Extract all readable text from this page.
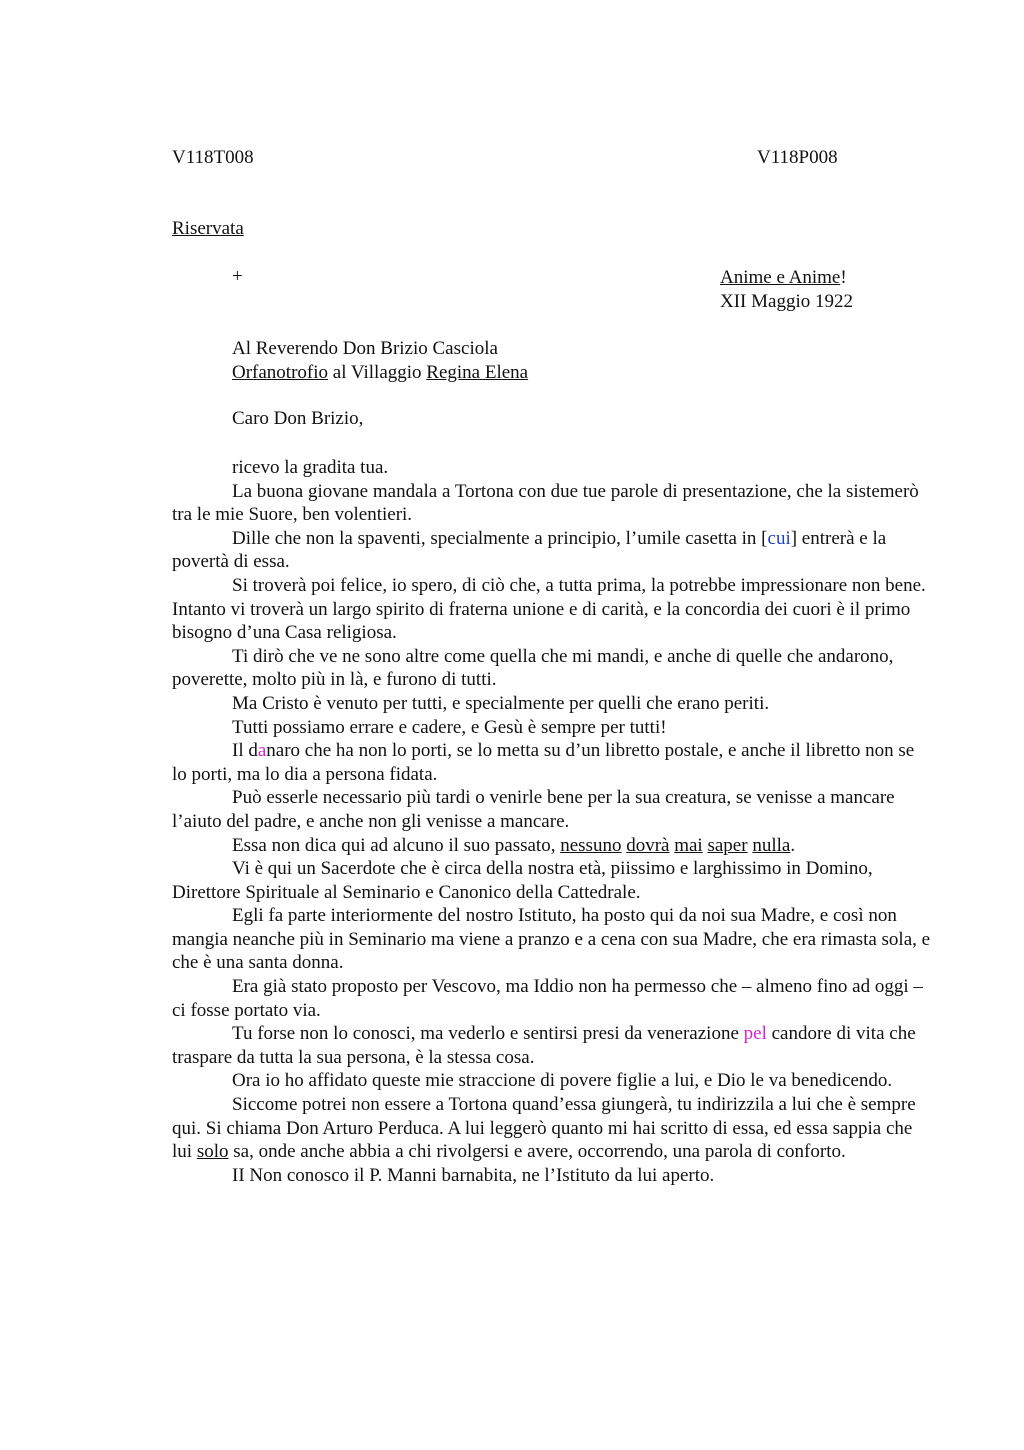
V118T008	V118P008
Riservata
+	Anime e Anime!
XII Maggio 1922
Al Reverendo Don Brizio Casciola
Orfanotrofio al Villaggio Regina Elena
Caro Don Brizio,

ricevo la gradita tua.

La buona giovane mandala a Tortona con due tue parole di presentazione, che la sistemerò tra le mie Suore, ben volentieri.

Dille che non la spaventi, specialmente a principio, l’umile casetta in [cui] entrerà e la povertà di essa.

Si troverà poi felice, io spero, di ciò che, a tutta prima, la potrebbe impressionare non bene. Intanto vi troverà un largo spirito di fraterna unione e di carità, e la concordia dei cuori è il primo bisogno d’una Casa religiosa.

Ti dirò che ve ne sono altre come quella che mi mandi, e anche di quelle che andarono, poverette, molto più in là, e furono di tutti.

Ma Cristo è venuto per tutti, e specialmente per quelli che erano periti.

Tutti possiamo errare e cadere, e Gesù è sempre per tutti!

Il danaro che ha non lo porti, se lo metta su d’un libretto postale, e anche il libretto non se lo porti, ma lo dia a persona fidata.

Può esserle necessario più tardi o venirle bene per la sua creatura, se venisse a mancare l’aiuto del padre, e anche non gli venisse a mancare.

Essa non dica qui ad alcuno il suo passato, nessuno dovrà mai saper nulla.

Vi è qui un Sacerdote che è circa della nostra età, piissimo e larghissimo in Domino, Direttore Spirituale al Seminario e Canonico della Cattedrale.

Egli fa parte interiormente del nostro Istituto, ha posto qui da noi sua Madre, e così non mangia neanche più in Seminario ma viene a pranzo e a cena con sua Madre, che era rimasta sola, e che è una santa donna.

Era già stato proposto per Vescovo, ma Iddio non ha permesso che – almeno fino ad oggi – ci fosse portato via.

Tu forse non lo conosci, ma vederlo e sentirsi presi da venerazione pel candore di vita che traspare da tutta la sua persona, è la stessa cosa.

Ora io ho affidato queste mie straccione di povere figlie a lui, e Dio le va benedicendo.

Siccome potrei non essere a Tortona quand’essa giungerà, tu indirizzila a lui che è sempre qui. Si chiama Don Arturo Perduca. A lui leggerò quanto mi hai scritto di essa, ed essa sappia che lui solo sa, onde anche abbia a chi rivolgersi e avere, occorrendo, una parola di conforto.

II Non conosco il P. Manni barnabita, ne l’Istituto da lui aperto.
